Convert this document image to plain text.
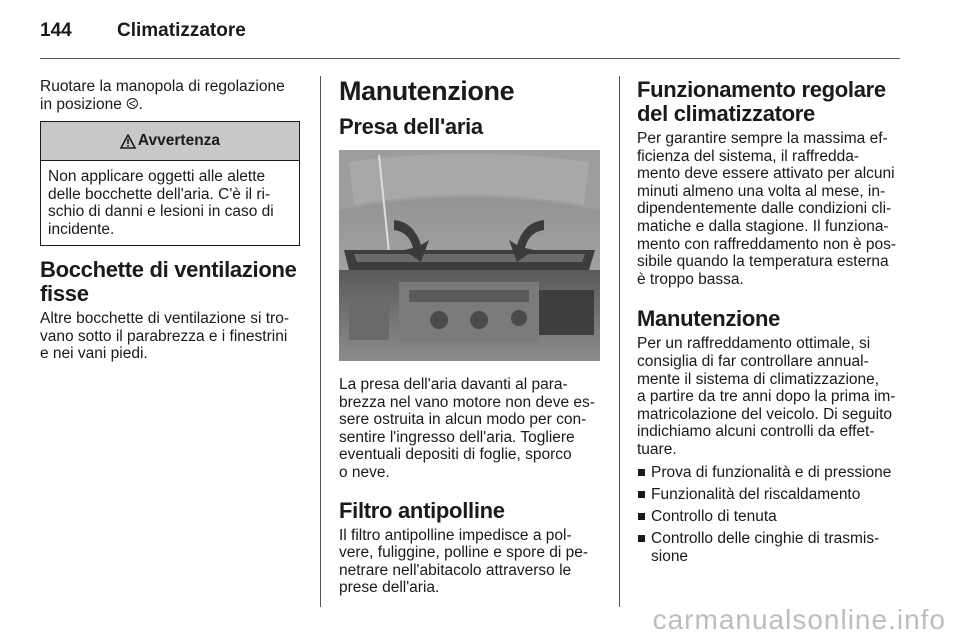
144 Climatizzatore

Ruotare la manopola di regolazione
in posizione ⧀.

Avvertenza
Non applicare oggetti alle alette
delle bocchette dell'aria. C'è il ri-
schio di danni e lesioni in caso di
incidente.
Bocchette di ventilazione
fisse

Altre bocchette di ventilazione si tro-
vano sotto il parabrezza e i finestrini
e nei vani piedi.

Manutenzione
Presa dell'aria

La presa dell'aria davanti al para-
brezza nel vano motore non deve es-
sere ostruita in alcun modo per con-
sentire l'ingresso dell'aria. Togliere
eventuali depositi di foglie, sporco
o neve.

Filtro antipolline

Il filtro antipolline impedisce a pol-
vere, fuliggine, polline e spore di pe-
netrare nell'abitacolo attraverso le
prese dell'aria.

Funzionamento regolare
del climatizzatore

Per garantire sempre la massima ef-
ficienza del sistema, il raffredda-
mento deve essere attivato per alcuni
minuti almeno una volta al mese, in-
dipendentemente dalle condizioni cli-
matiche e dalla stagione. Il funziona-
mento con raffreddamento non è pos-
sibile quando la temperatura esterna
è troppo bassa.

Manutenzione

Per un raffreddamento ottimale, si
consiglia di far controllare annual-
mente il sistema di climatizzazione,
a partire da tre anni dopo la prima im-
matricolazione del veicolo. Di seguito
indichiamo alcuni controlli da effet-
tuare.

Prova di funzionalità e di pressione
Funzionalità del riscaldamento
Controllo di tenuta
Controllo delle cinghie di trasmis-
sione
carmanualsonline.info
